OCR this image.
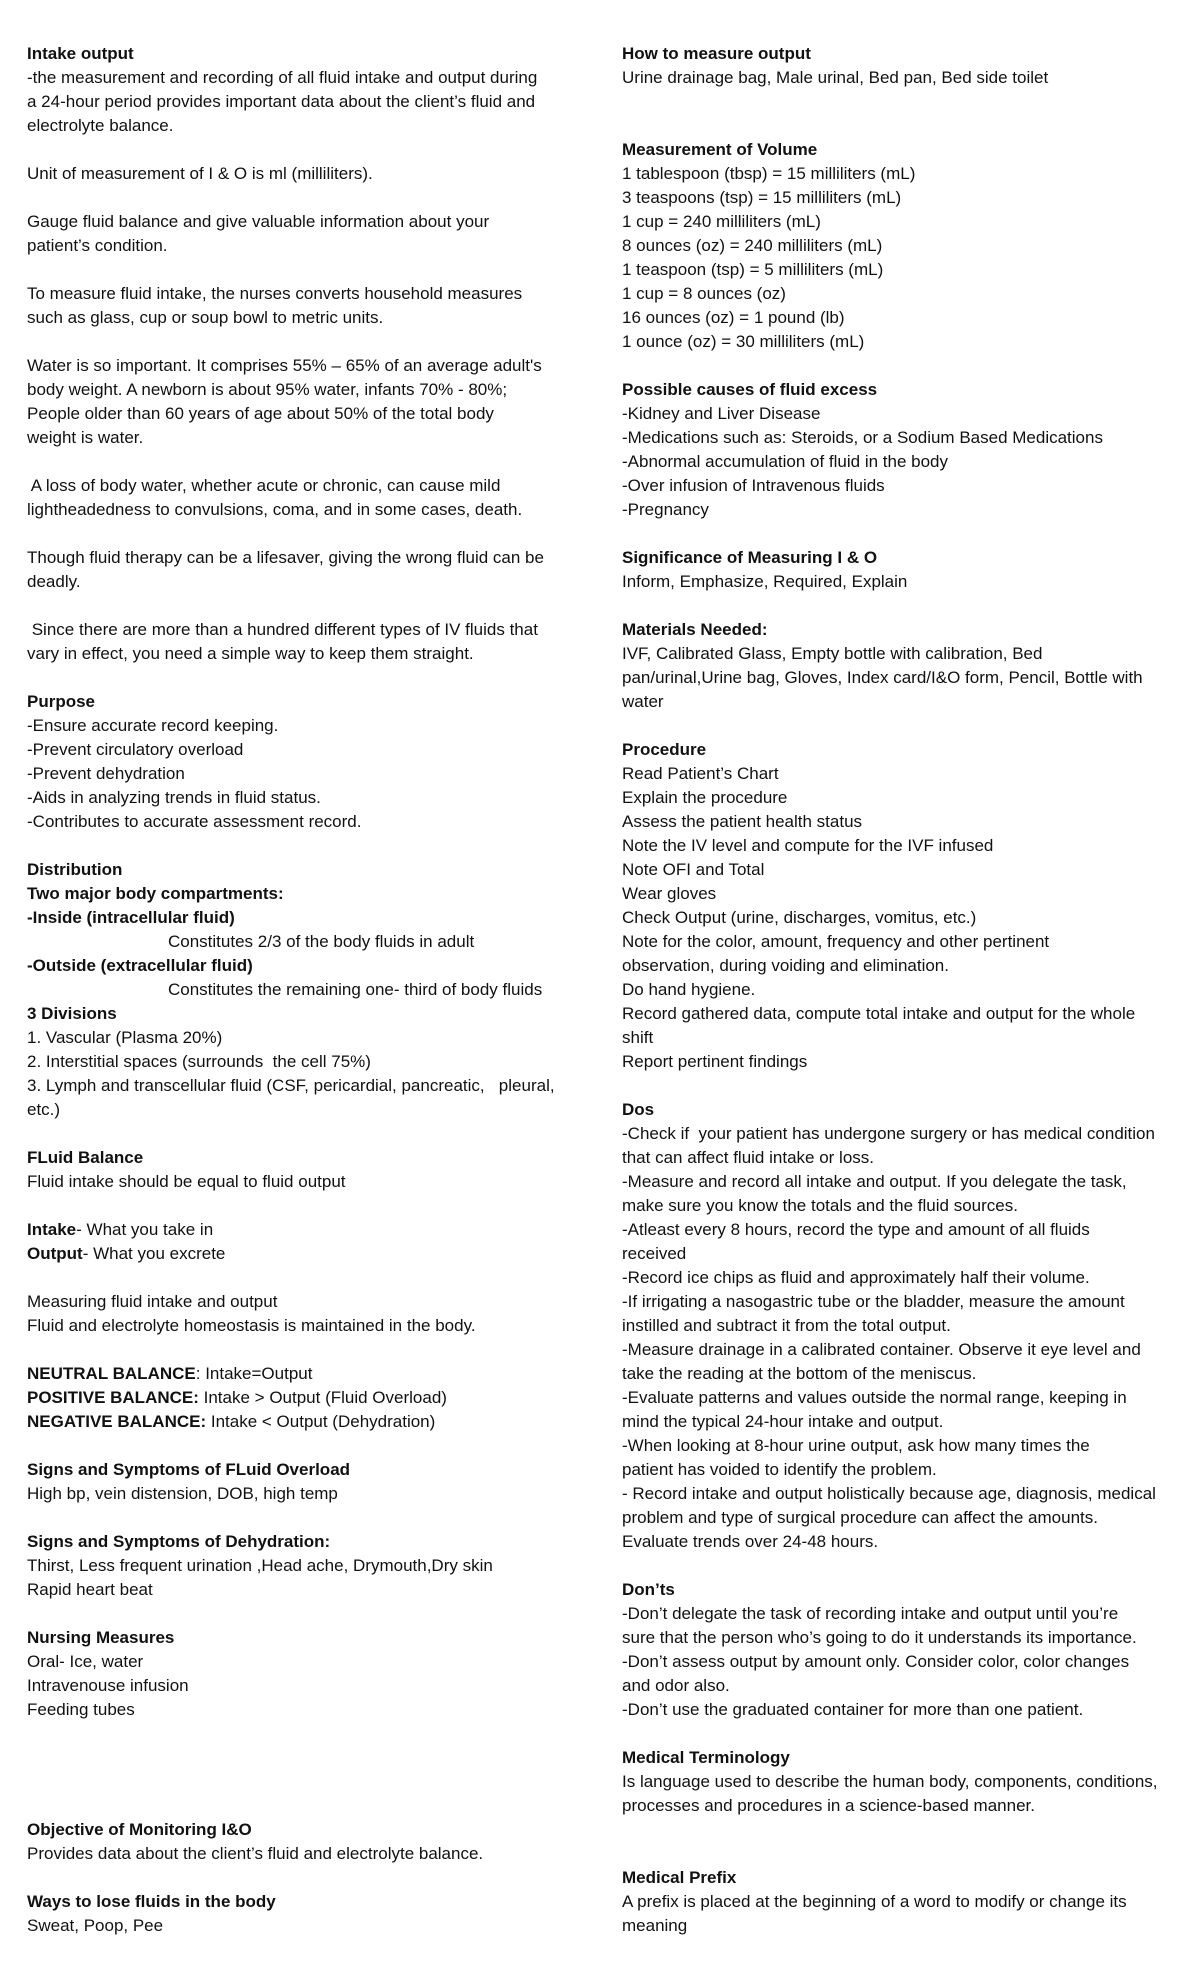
Intake output
-the measurement and recording of all fluid intake and output during
a 24-hour period provides important data about the client’s fluid and
electrolyte balance.
Unit of measurement of I & O is ml (milliliters).
Gauge fluid balance and give valuable information about your
patient’s condition.
To measure fluid intake, the nurses converts household measures
such as glass, cup or soup bowl to metric units.
Water is so important. It comprises 55% – 65% of an average adult's
body weight. A newborn is about 95% water, infants 70% - 80%;
People older than 60 years of age about 50% of the total body
weight is water.
A loss of body water, whether acute or chronic, can cause mild
lightheadedness to convulsions, coma, and in some cases, death.
Though fluid therapy can be a lifesaver, giving the wrong fluid can be
deadly.
Since there are more than a hundred different types of IV fluids that
vary in effect, you need a simple way to keep them straight.
Purpose
-Ensure accurate record keeping.
-Prevent circulatory overload
-Prevent dehydration
-Aids in analyzing trends in fluid status.
-Contributes to accurate assessment record.
Distribution
Two major body compartments:
-Inside (intracellular fluid)
Constitutes 2/3 of the body fluids in adult
-Outside (extracellular fluid)
Constitutes the remaining one- third of body fluids
3 Divisions
1. Vascular (Plasma 20%)
2. Interstitial spaces (surrounds  the cell 75%)
3. Lymph and transcellular fluid (CSF, pericardial, pancreatic,   pleural,
etc.)
FLuid Balance
Fluid intake should be equal to fluid output
Intake- What you take in
Output- What you excrete
Measuring fluid intake and output
Fluid and electrolyte homeostasis is maintained in the body.
NEUTRAL BALANCE: Intake=Output
POSITIVE BALANCE: Intake > Output (Fluid Overload)
NEGATIVE BALANCE: Intake < Output (Dehydration)
Signs and Symptoms of FLuid Overload
High bp, vein distension, DOB, high temp
Signs and Symptoms of Dehydration:
Thirst, Less frequent urination ,Head ache, Drymouth,Dry skin
Rapid heart beat
Nursing Measures
Oral- Ice, water
Intravenouse infusion
Feeding tubes
Objective of Monitoring I&O
Provides data about the client’s fluid and electrolyte balance.
Ways to lose fluids in the body
Sweat, Poop, Pee
How to measure output
Urine drainage bag, Male urinal, Bed pan, Bed side toilet
Measurement of Volume
1 tablespoon (tbsp) = 15 milliliters (mL)
3 teaspoons (tsp) = 15 milliliters (mL)
1 cup = 240 milliliters (mL)
8 ounces (oz) = 240 milliliters (mL)
1 teaspoon (tsp) = 5 milliliters (mL)
1 cup = 8 ounces (oz)
16 ounces (oz) = 1 pound (lb)
1 ounce (oz) = 30 milliliters (mL)
Possible causes of fluid excess
-Kidney and Liver Disease
-Medications such as: Steroids, or a Sodium Based Medications
-Abnormal accumulation of fluid in the body
-Over infusion of Intravenous fluids
-Pregnancy
Significance of Measuring I & O
Inform, Emphasize, Required, Explain
Materials Needed:
IVF, Calibrated Glass, Empty bottle with calibration, Bed
pan/urinal,Urine bag, Gloves, Index card/I&O form, Pencil, Bottle with
water
Procedure
Read Patient’s Chart
Explain the procedure
Assess the patient health status
Note the IV level and compute for the IVF infused
Note OFI and Total
Wear gloves
Check Output (urine, discharges, vomitus, etc.)
Note for the color, amount, frequency and other pertinent
observation, during voiding and elimination.
Do hand hygiene.
Record gathered data, compute total intake and output for the whole
shift
Report pertinent findings
Dos
-Check if  your patient has undergone surgery or has medical condition
that can affect fluid intake or loss.
-Measure and record all intake and output. If you delegate the task,
make sure you know the totals and the fluid sources.
-Atleast every 8 hours, record the type and amount of all fluids
received
-Record ice chips as fluid and approximately half their volume.
-If irrigating a nasogastric tube or the bladder, measure the amount
instilled and subtract it from the total output.
-Measure drainage in a calibrated container. Observe it eye level and
take the reading at the bottom of the meniscus.
-Evaluate patterns and values outside the normal range, keeping in
mind the typical 24-hour intake and output.
-When looking at 8-hour urine output, ask how many times the
patient has voided to identify the problem.
- Record intake and output holistically because age, diagnosis, medical
problem and type of surgical procedure can affect the amounts.
Evaluate trends over 24-48 hours.
Don’ts
-Don’t delegate the task of recording intake and output until you’re
sure that the person who’s going to do it understands its importance.
-Don’t assess output by amount only. Consider color, color changes
and odor also.
-Don’t use the graduated container for more than one patient.
Medical Terminology
Is language used to describe the human body, components, conditions,
processes and procedures in a science-based manner.
Medical Prefix
A prefix is placed at the beginning of a word to modify or change its
meaning
